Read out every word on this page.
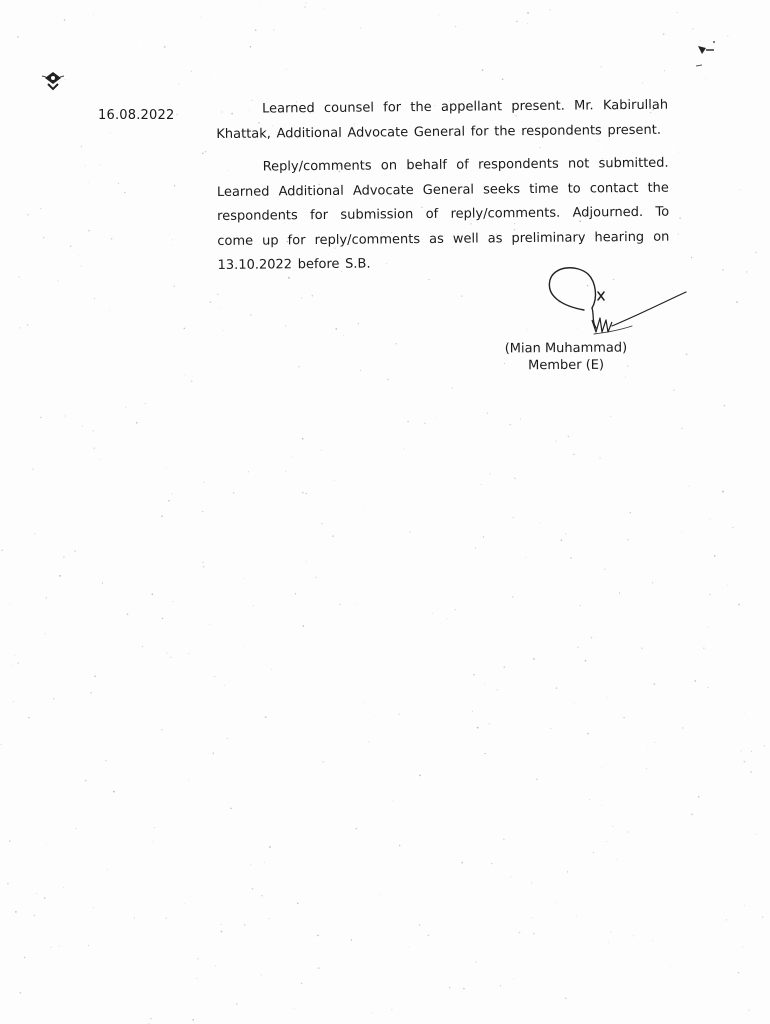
16.08.2022	Learned counsel for the appellant present. Mr. Kabirullah Khattak, Additional Advocate General for the respondents present.

Reply/comments on behalf of respondents not submitted. Learned Additional Advocate General seeks time to contact the respondents for submission of reply/comments. Adjourned. To come up for reply/comments as well as preliminary hearing on 13.10.2022 before S.B.

(Mian Muhammad)
Member (E)
